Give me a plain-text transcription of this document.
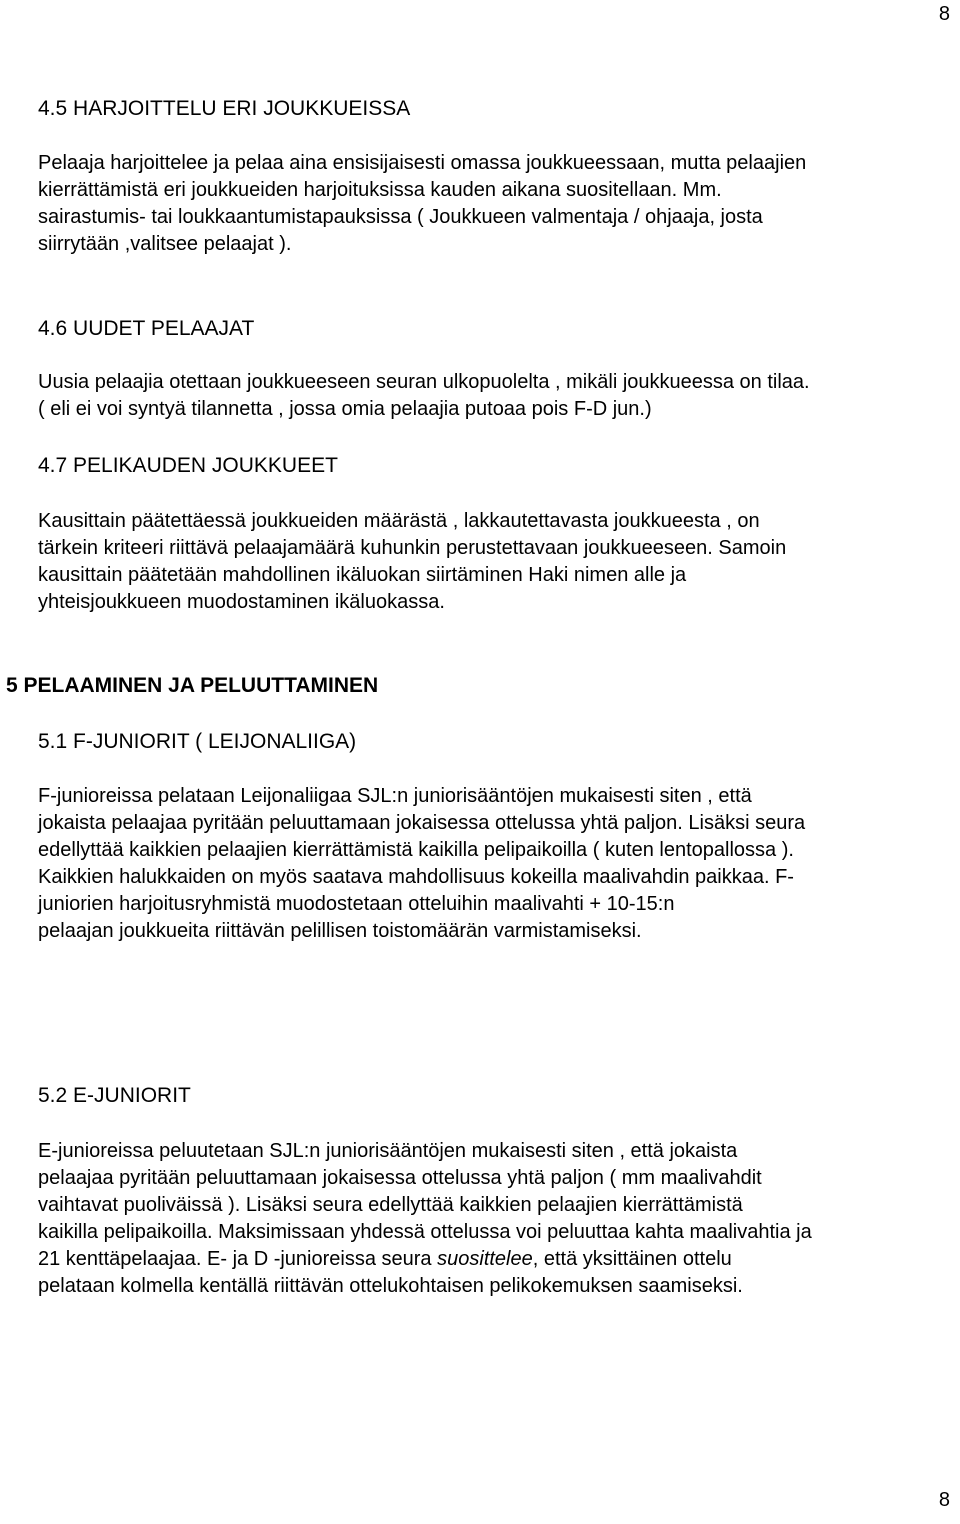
8
4.5 HARJOITTELU ERI JOUKKUEISSA
Pelaaja harjoittelee ja pelaa aina ensisijaisesti omassa joukkueessaan, mutta pelaajien
kierrättämistä eri joukkueiden harjoituksissa kauden aikana suositellaan. Mm.
sairastumis- tai loukkaantumistapauksissa ( Joukkueen valmentaja / ohjaaja, josta
siirrytään ,valitsee pelaajat ).
4.6 UUDET PELAAJAT
Uusia pelaajia otettaan joukkueeseen seuran ulkopuolelta , mikäli joukkueessa on tilaa.
( eli ei voi syntyä tilannetta , jossa omia pelaajia putoaa pois F-D jun.)
4.7 PELIKAUDEN JOUKKUEET
Kausittain päätettäessä joukkueiden määrästä , lakkautettavasta joukkueesta , on
tärkein kriteeri riittävä pelaajamäärä kuhunkin perustettavaan joukkueeseen. Samoin
kausittain päätetään mahdollinen ikäluokan siirtäminen Haki nimen alle ja
yhteisjoukkueen muodostaminen ikäluokassa.
5 PELAAMINEN JA PELUUTTAMINEN
5.1 F-JUNIORIT ( LEIJONALIIGA)
F-junioreissa pelataan Leijonaliigaa SJL:n juniorisääntöjen mukaisesti siten , että
jokaista pelaajaa pyritään peluuttamaan jokaisessa ottelussa yhtä paljon. Lisäksi seura
edellyttää kaikkien pelaajien kierrättämistä kaikilla pelipaikoilla ( kuten lentopallossa ).
Kaikkien halukkaiden on myös saatava mahdollisuus kokeilla maalivahdin paikkaa. F-
juniorien harjoitusryhmistä muodostetaan otteluihin maalivahti + 10-15:n
pelaajan joukkueita riittävän pelillisen toistomäärän varmistamiseksi.
5.2 E-JUNIORIT
E-junioreissa peluutetaan SJL:n juniorisääntöjen mukaisesti siten , että jokaista
pelaajaa pyritään peluuttamaan jokaisessa ottelussa yhtä paljon ( mm maalivahdit
vaihtavat puoliväissä ). Lisäksi seura edellyttää kaikkien pelaajien kierrättämistä
kaikilla pelipaikoilla. Maksimissaan yhdessä ottelussa voi peluuttaa kahta maalivahtia ja
21 kenttäpelaajaa. E- ja D -junioreissa seura suosittelee, että yksittäinen ottelu
pelataan kolmella kentällä riittävän ottelukohtaisen pelikokemuksen saamiseksi.
8
